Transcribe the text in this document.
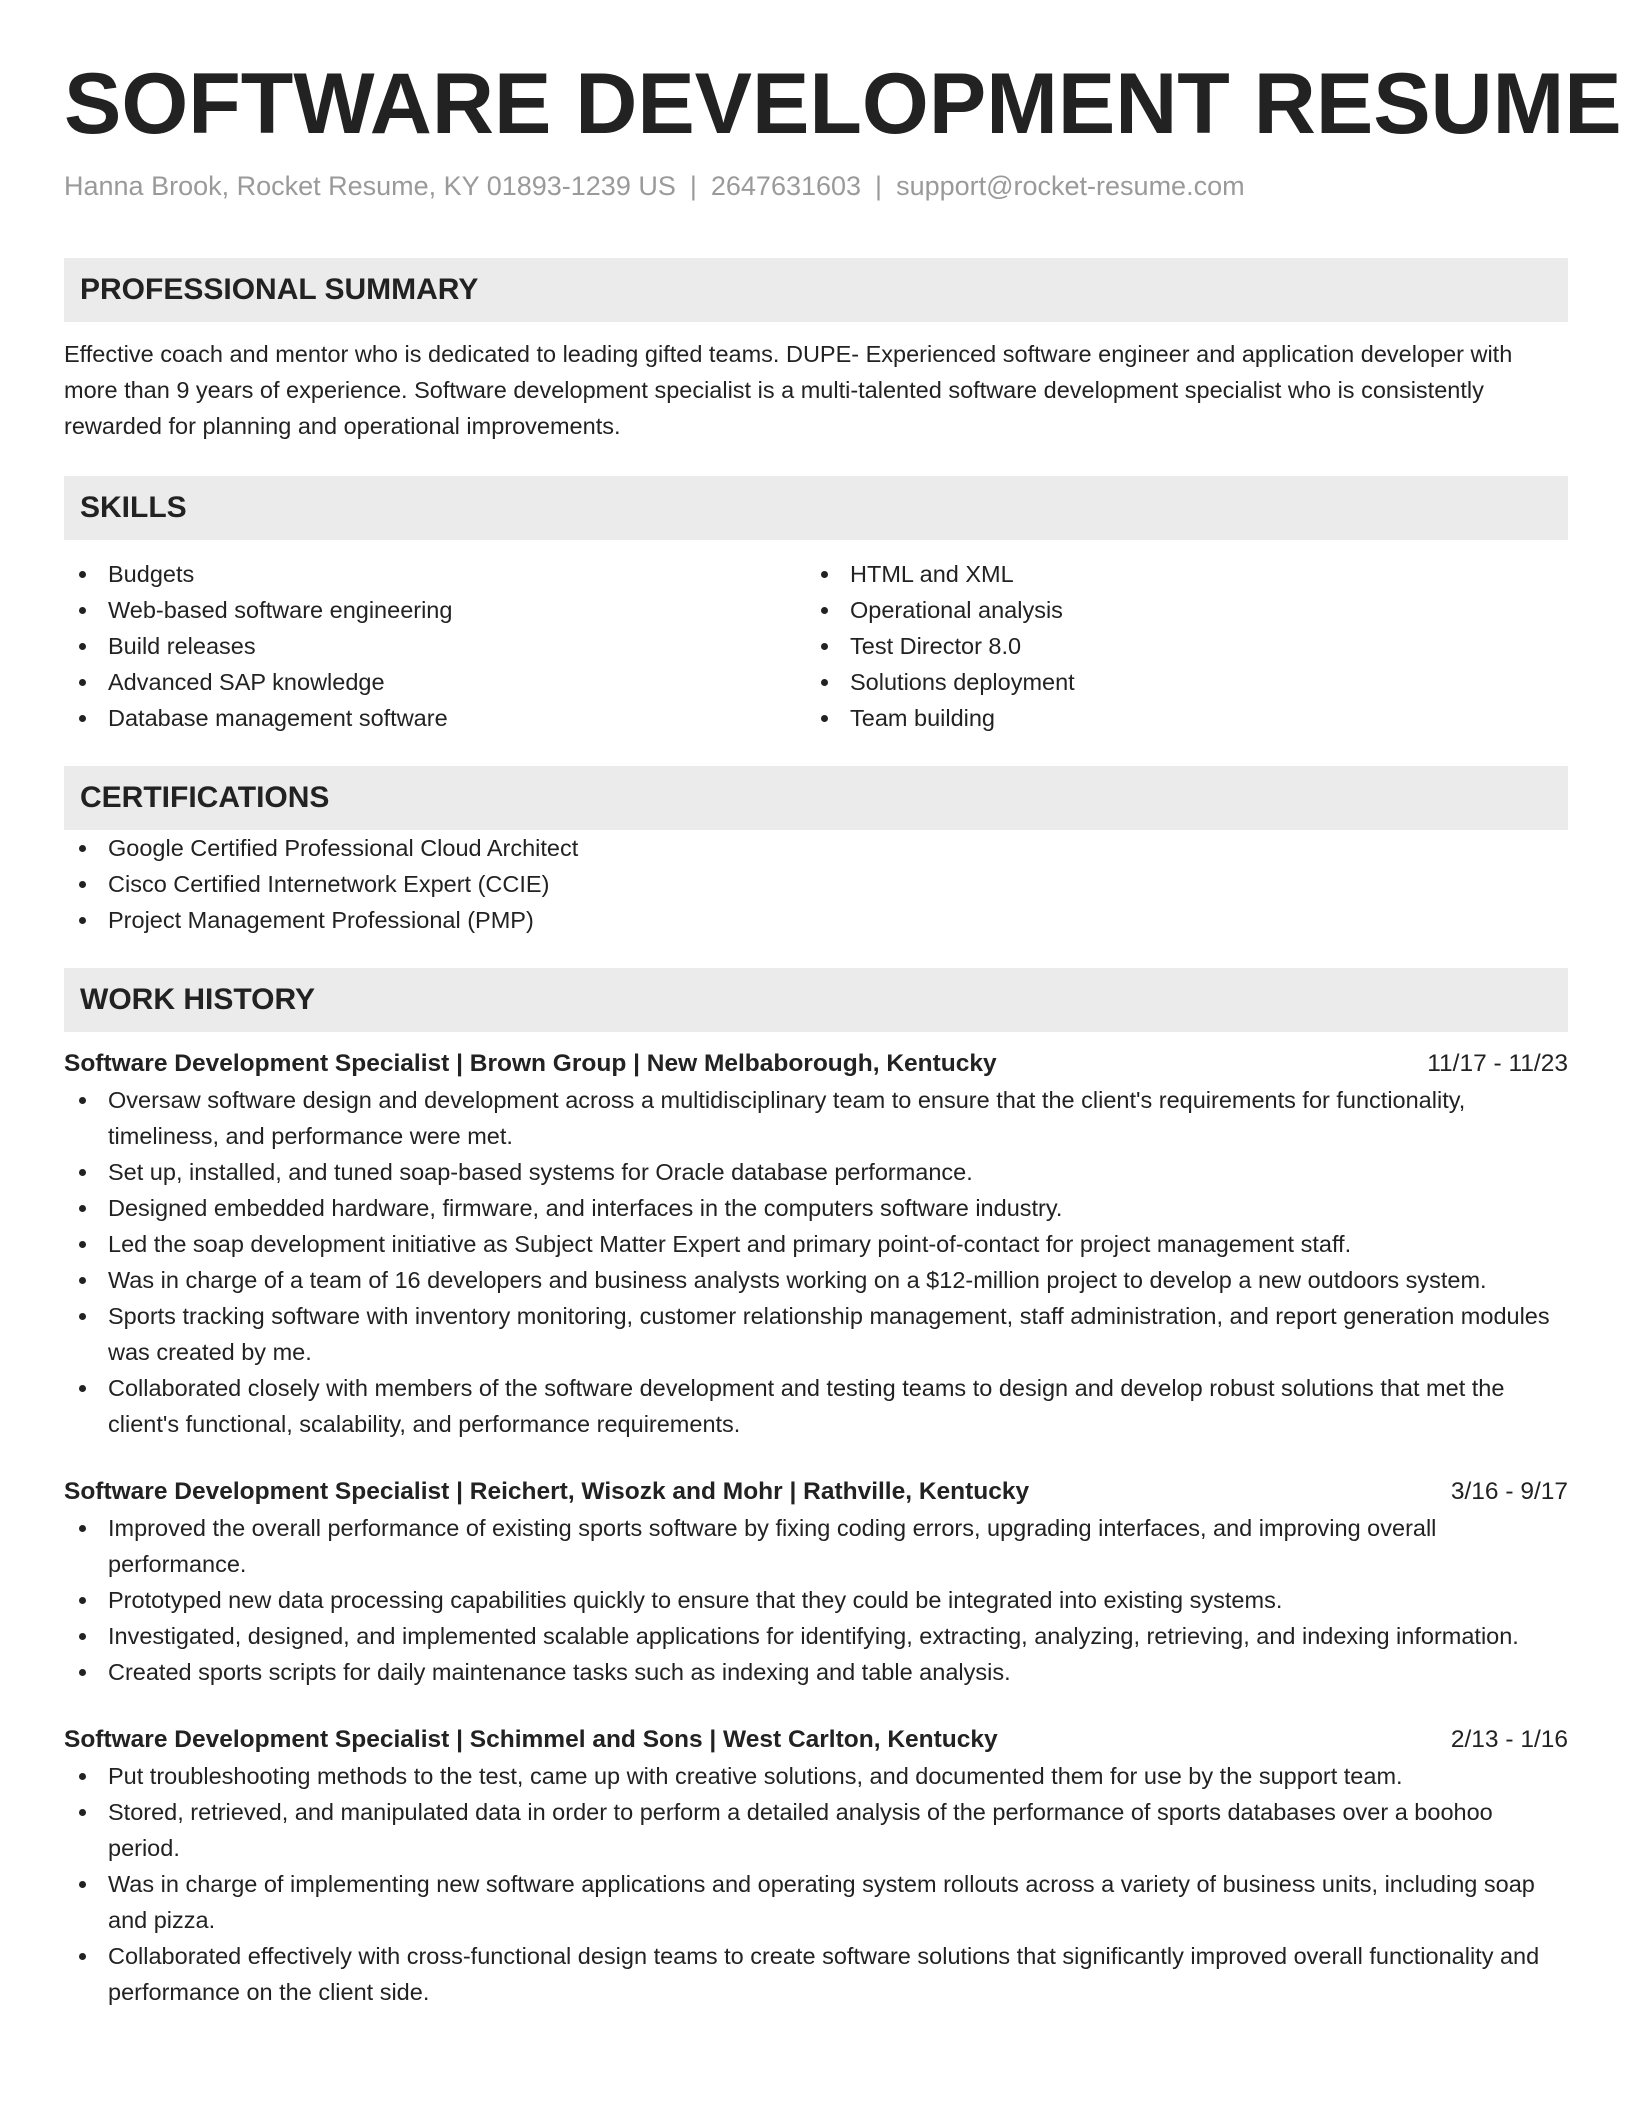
SOFTWARE DEVELOPMENT RESUME
Hanna Brook, Rocket Resume, KY 01893-1239 US | 2647631603 | support@rocket-resume.com
PROFESSIONAL SUMMARY

Effective coach and mentor who is dedicated to leading gifted teams. DUPE- Experienced software engineer and application developer with more than 9 years of experience. Software development specialist is a multi-talented software development specialist who is consistently rewarded for planning and operational improvements.

SKILLS
Budgets
Web-based software engineering
Build releases
Advanced SAP knowledge
Database management software
HTML and XML
Operational analysis
Test Director 8.0
Solutions deployment
Team building
CERTIFICATIONS
Google Certified Professional Cloud Architect
Cisco Certified Internetwork Expert (CCIE)
Project Management Professional (PMP)
WORK HISTORY
Software Development Specialist | Brown Group | New Melbaborough, Kentucky	11/17 - 11/23
Oversaw software design and development across a multidisciplinary team to ensure that the client's requirements for functionality, timeliness, and performance were met.
Set up, installed, and tuned soap-based systems for Oracle database performance.
Designed embedded hardware, firmware, and interfaces in the computers software industry.
Led the soap development initiative as Subject Matter Expert and primary point-of-contact for project management staff.
Was in charge of a team of 16 developers and business analysts working on a $12-million project to develop a new outdoors system.
Sports tracking software with inventory monitoring, customer relationship management, staff administration, and report generation modules was created by me.
Collaborated closely with members of the software development and testing teams to design and develop robust solutions that met the client's functional, scalability, and performance requirements.
Software Development Specialist | Reichert, Wisozk and Mohr | Rathville, Kentucky	3/16 - 9/17
Improved the overall performance of existing sports software by fixing coding errors, upgrading interfaces, and improving overall performance.
Prototyped new data processing capabilities quickly to ensure that they could be integrated into existing systems.
Investigated, designed, and implemented scalable applications for identifying, extracting, analyzing, retrieving, and indexing information.
Created sports scripts for daily maintenance tasks such as indexing and table analysis.
Software Development Specialist | Schimmel and Sons | West Carlton, Kentucky	2/13 - 1/16
Put troubleshooting methods to the test, came up with creative solutions, and documented them for use by the support team.
Stored, retrieved, and manipulated data in order to perform a detailed analysis of the performance of sports databases over a boohoo period.
Was in charge of implementing new software applications and operating system rollouts across a variety of business units, including soap and pizza.
Collaborated effectively with cross-functional design teams to create software solutions that significantly improved overall functionality and performance on the client side.
